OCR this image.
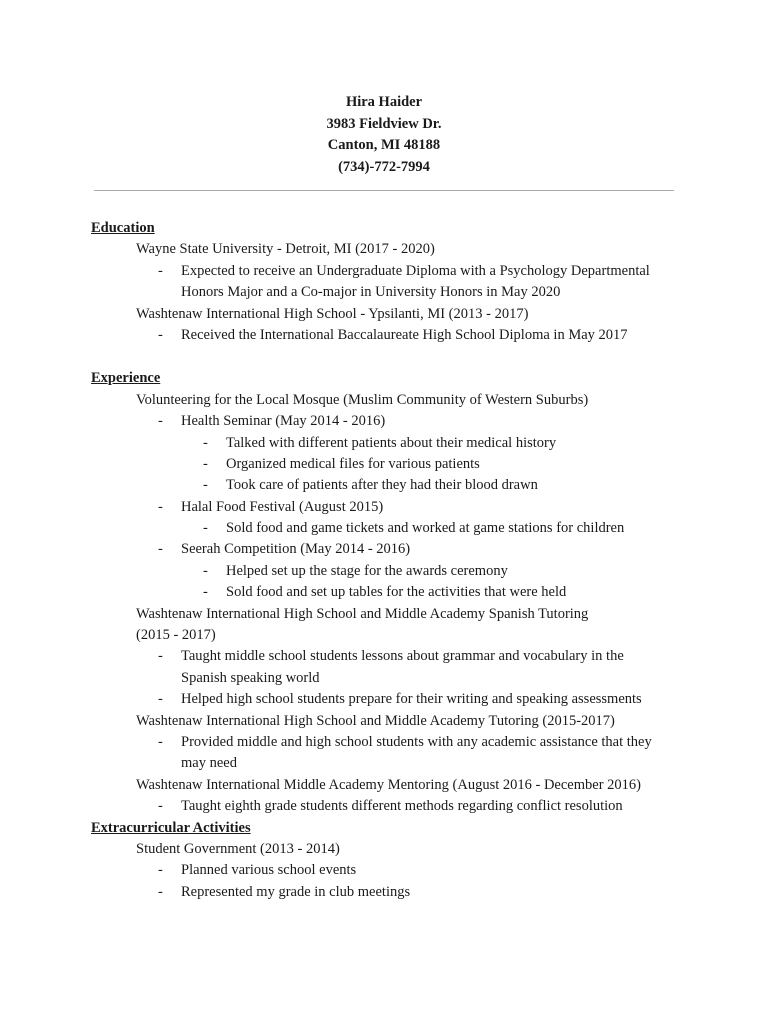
Hira Haider
3983 Fieldview Dr.
Canton, MI 48188
(734)-772-7994
Education
Wayne State University - Detroit, MI (2017 - 2020)
- Expected to receive an Undergraduate Diploma with a Psychology Departmental
Honors Major and a Co-major in University Honors in May 2020
Washtenaw International High School - Ypsilanti, MI (2013 - 2017)
- Received the International Baccalaureate High School Diploma in May 2017
Experience
Volunteering for the Local Mosque (Muslim Community of Western Suburbs)
- Health Seminar (May 2014 - 2016)
- Talked with different patients about their medical history
- Organized medical files for various patients
- Took care of patients after they had their blood drawn
- Halal Food Festival (August 2015)
- Sold food and game tickets and worked at game stations for children
- Seerah Competition (May 2014 - 2016)
- Helped set up the stage for the awards ceremony
- Sold food and set up tables for the activities that were held
Washtenaw International High School and Middle Academy Spanish Tutoring
(2015 - 2017)
- Taught middle school students lessons about grammar and vocabulary in the
Spanish speaking world
- Helped high school students prepare for their writing and speaking assessments
Washtenaw International High School and Middle Academy Tutoring (2015-2017)
- Provided middle and high school students with any academic assistance that they
may need
Washtenaw International Middle Academy Mentoring (August 2016 - December 2016)
- Taught eighth grade students different methods regarding conflict resolution
Extracurricular Activities
Student Government (2013 - 2014)
- Planned various school events
- Represented my grade in club meetings
